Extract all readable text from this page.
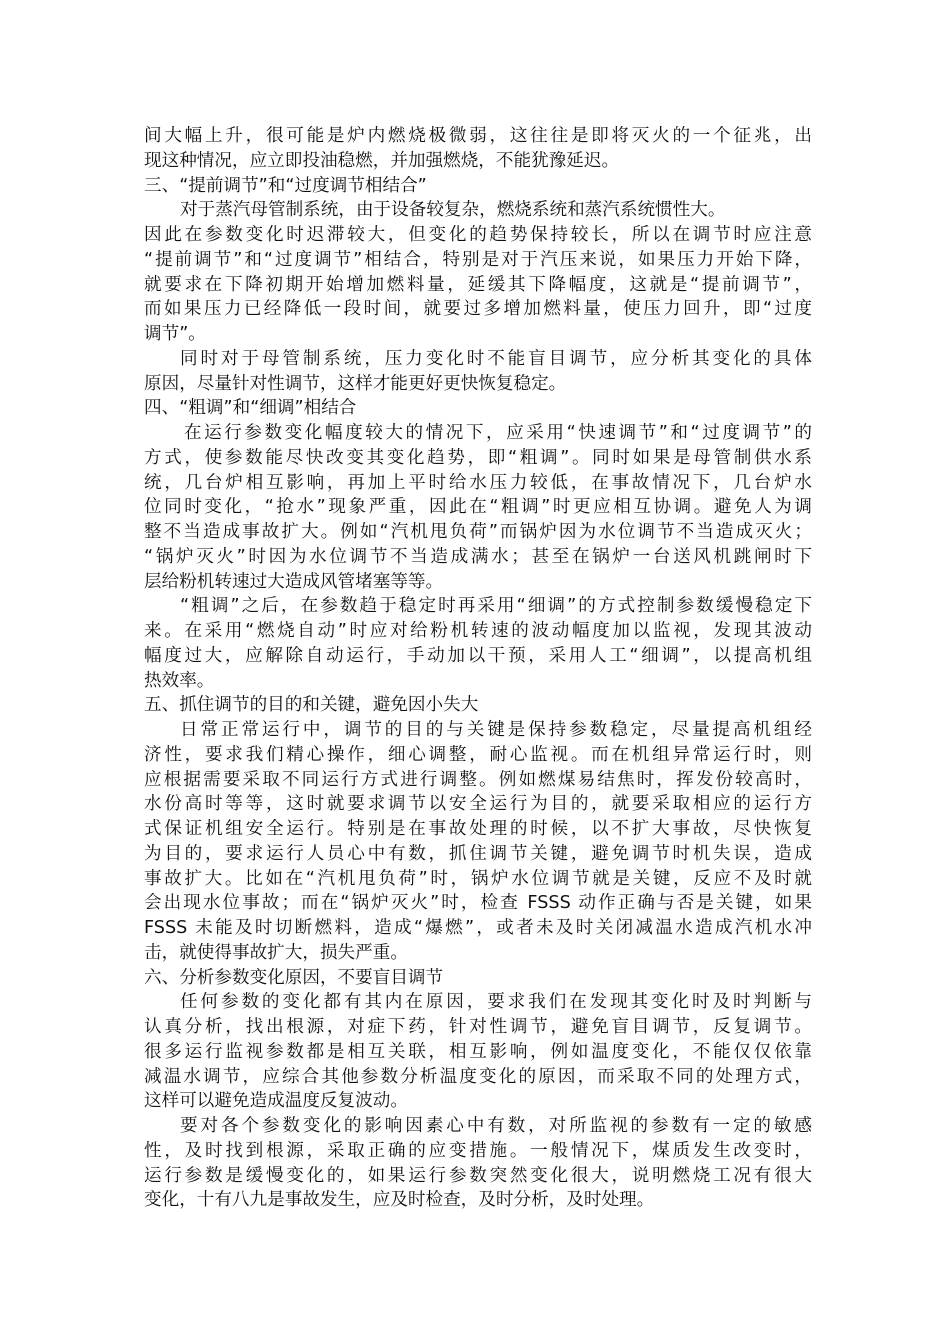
间大幅上升，很可能是炉内燃烧极微弱，这往往是即将灭火的一个征兆，出
现这种情况，应立即投油稳燃，并加强燃烧，不能犹豫延迟。
三、“提前调节”和“过度调节相结合”
对于蒸汽母管制系统，由于设备较复杂，燃烧系统和蒸汽系统惯性大。
因此在参数变化时迟滞较大，但变化的趋势保持较长，所以在调节时应注意
“提前调节”和“过度调节”相结合，特别是对于汽压来说，如果压力开始下降，
就要求在下降初期开始增加燃料量，延缓其下降幅度，这就是“提前调节”，
而如果压力已经降低一段时间，就要过多增加燃料量，使压力回升，即“过度
调节”。
同时对于母管制系统，压力变化时不能盲目调节，应分析其变化的具体
原因，尽量针对性调节，这样才能更好更快恢复稳定。
四、“粗调”和“细调”相结合
在运行参数变化幅度较大的情况下，应采用“快速调节”和“过度调节”的
方式，使参数能尽快改变其变化趋势，即“粗调”。同时如果是母管制供水系
统，几台炉相互影响，再加上平时给水压力较低，在事故情况下，几台炉水
位同时变化，“抢水”现象严重，因此在“粗调”时更应相互协调。避免人为调
整不当造成事故扩大。例如“汽机甩负荷”而锅炉因为水位调节不当造成灭火；
“锅炉灭火”时因为水位调节不当造成满水；甚至在锅炉一台送风机跳闸时下
层给粉机转速过大造成风管堵塞等等。
“粗调”之后，在参数趋于稳定时再采用“细调”的方式控制参数缓慢稳定下
来。在采用“燃烧自动”时应对给粉机转速的波动幅度加以监视，发现其波动
幅度过大，应解除自动运行，手动加以干预，采用人工“细调”，以提高机组
热效率。
五、抓住调节的目的和关键，避免因小失大
日常正常运行中，调节的目的与关键是保持参数稳定，尽量提高机组经
济性，要求我们精心操作，细心调整，耐心监视。而在机组异常运行时，则
应根据需要采取不同运行方式进行调整。例如燃煤易结焦时，挥发份较高时，
水份高时等等，这时就要求调节以安全运行为目的，就要采取相应的运行方
式保证机组安全运行。特别是在事故处理的时候，以不扩大事故，尽快恢复
为目的，要求运行人员心中有数，抓住调节关键，避免调节时机失误，造成
事故扩大。比如在“汽机甩负荷”时，锅炉水位调节就是关键，反应不及时就
会出现水位事故；而在“锅炉灭火”时，检查 FSSS 动作正确与否是关键，如果
FSSS 未能及时切断燃料，造成“爆燃”，或者未及时关闭减温水造成汽机水冲
击，就使得事故扩大，损失严重。
六、分析参数变化原因，不要盲目调节
任何参数的变化都有其内在原因，要求我们在发现其变化时及时判断与
认真分析，找出根源，对症下药，针对性调节，避免盲目调节，反复调节。
很多运行监视参数都是相互关联，相互影响，例如温度变化，不能仅仅依靠
减温水调节，应综合其他参数分析温度变化的原因，而采取不同的处理方式，
这样可以避免造成温度反复波动。
要对各个参数变化的影响因素心中有数，对所监视的参数有一定的敏感
性，及时找到根源，采取正确的应变措施。一般情况下，煤质发生改变时，
运行参数是缓慢变化的，如果运行参数突然变化很大，说明燃烧工况有很大
变化，十有八九是事故发生，应及时检查，及时分析，及时处理。
